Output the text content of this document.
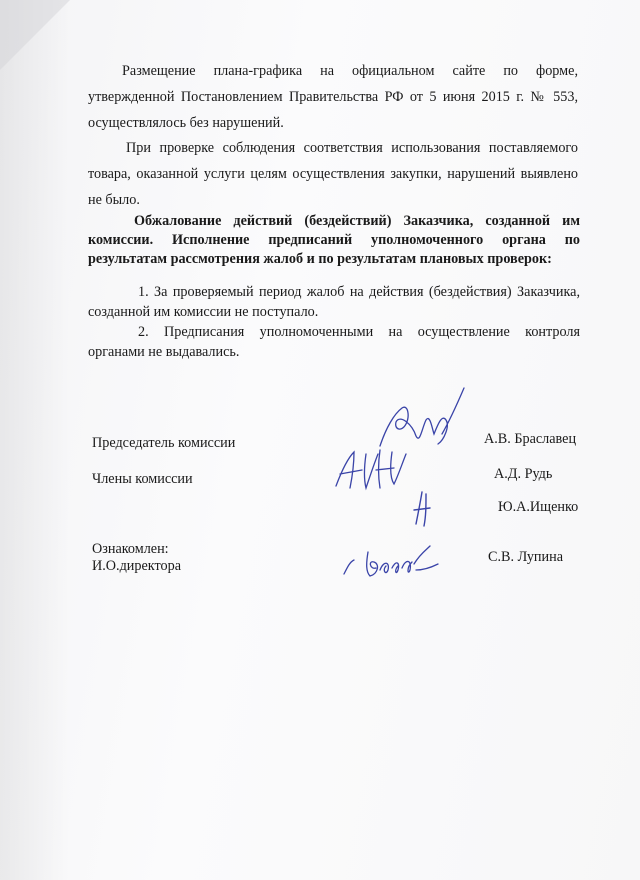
Размещение плана-графика на официальном сайте по форме, утвержденной Постановлением Правительства РФ от 5 июня 2015 г. № 553, осуществлялось без нарушений.
При проверке соблюдения соответствия использования поставляемого товара, оказанной услуги целям осуществления закупки, нарушений выявлено не было.
Обжалование действий (бездействий) Заказчика, созданной им комиссии. Исполнение предписаний уполномоченного органа по результатам рассмотрения жалоб и по результатам плановых проверок:

1. За проверяемый период жалоб на действия (бездействия) Заказчика, созданной им комиссии не поступало.

2. Предписания уполномоченными на осуществление контроля органами не выдавались.

Председатель комиссии
Члены комиссии
Ознакомлен:
И.О.директора
А.В. Браславец
А.Д. Рудь
Ю.А.Ищенко
С.В. Лупина
